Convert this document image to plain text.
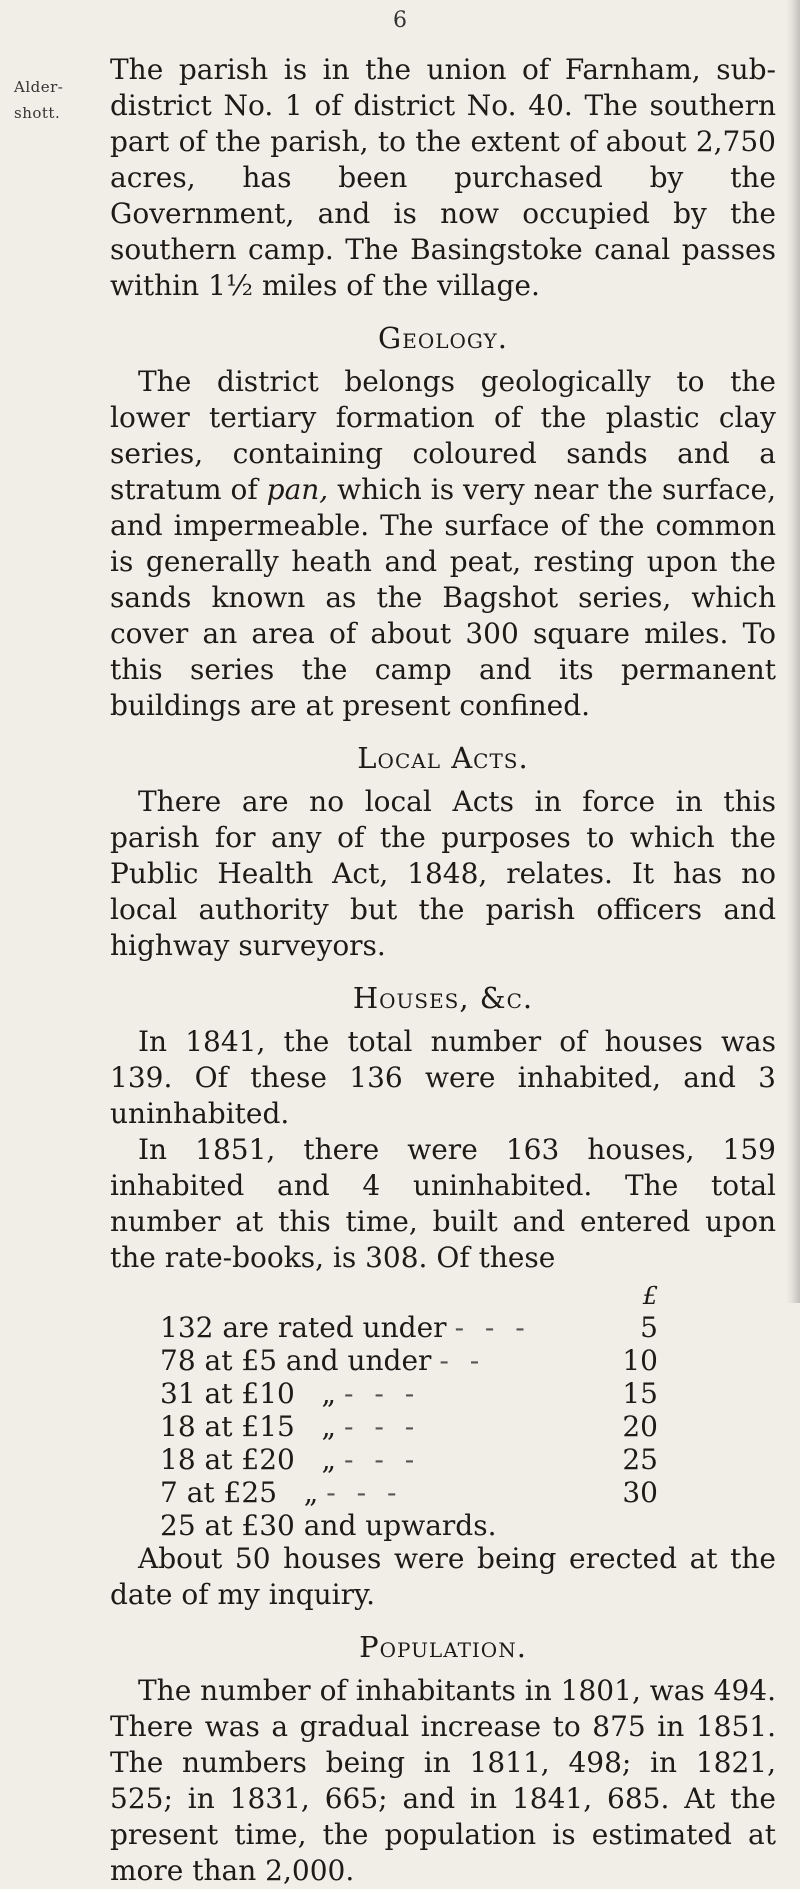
6
Alder-
shott.

The parish is in the union of Farnham, sub-district No. 1 of district No. 40. The southern part of the parish, to the extent of about 2,750 acres, has been purchased by the Government, and is now occupied by the southern camp. The Basingstoke canal passes within 1½ miles of the village.

Geology.

The district belongs geologically to the lower tertiary formation of the plastic clay series, containing coloured sands and a stratum of pan, which is very near the surface, and impermeable. The surface of the common is generally heath and peat, resting upon the sands known as the Bagshot series, which cover an area of about 300 square miles. To this series the camp and its permanent buildings are at present confined.

Local Acts.

There are no local Acts in force in this parish for any of the purposes to which the Public Health Act, 1848, relates. It has no local authority but the parish officers and highway surveyors.

Houses, &c.

In 1841, the total number of houses was 139. Of these 136 were inhabited, and 3 uninhabited.

In 1851, there were 163 houses, 159 inhabited and 4 uninhabited. The total number at this time, built and entered upon the rate-books, is 308. Of these

£
132 are rated under - - -	5
78 at £5 and under - -	10
31 at £10   „ - - -	15
18 at £15   „ - - -	20
18 at £20   „ - - -	25
7 at £25   „ - - -	30
25 at £30 and upwards.

About 50 houses were being erected at the date of my inquiry.

Population.

The number of inhabitants in 1801, was 494. There was a gradual increase to 875 in 1851. The numbers being in 1811, 498; in 1821, 525; in 1831, 665; and in 1841, 685. At the present time, the population is estimated at more than 2,000.
